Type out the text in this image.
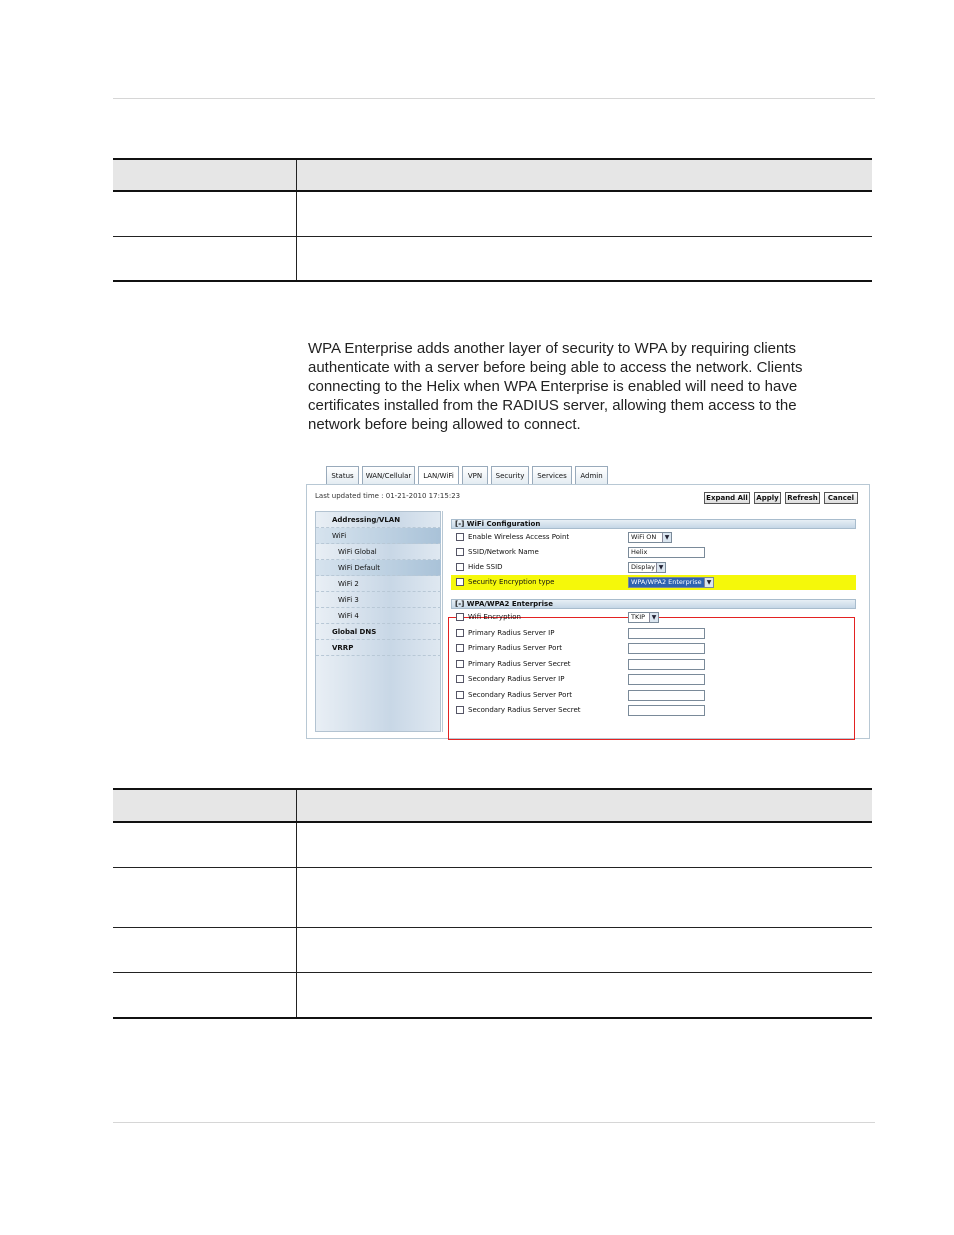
WPA Enterprise adds another layer of security to WPA by requiring clients authenticate with a server before being able to access the network. Clients connecting to the Helix when WPA Enterprise is enabled will need to have certificates installed from the RADIUS server, allowing them access to the network before being allowed to connect.

Status	WAN/Cellular	LAN/WiFi	VPN	Security	Services	Admin
Last updated time : 01-21-2010 17:15:23	Expand All	Apply	Refresh	Cancel
Addressing/VLAN
WiFi
WiFi Global
WiFi Default
WiFi 2
WiFi 3
WiFi 4
Global DNS
VRRP
[-] WiFi Configuration
Enable Wireless Access Point	WiFi ON	▼
SSID/Network Name	Helix
Hide SSID	Display ▼
Security Encryption type	WPA/WPA2 Enterprise ▼
[-] WPA/WPA2 Enterprise
Wifi Encryption	TKIP	▼
Primary Radius Server IP
Primary Radius Server Port
Primary Radius Server Secret
Secondary Radius Server IP
Secondary Radius Server Port
Secondary Radius Server Secret
